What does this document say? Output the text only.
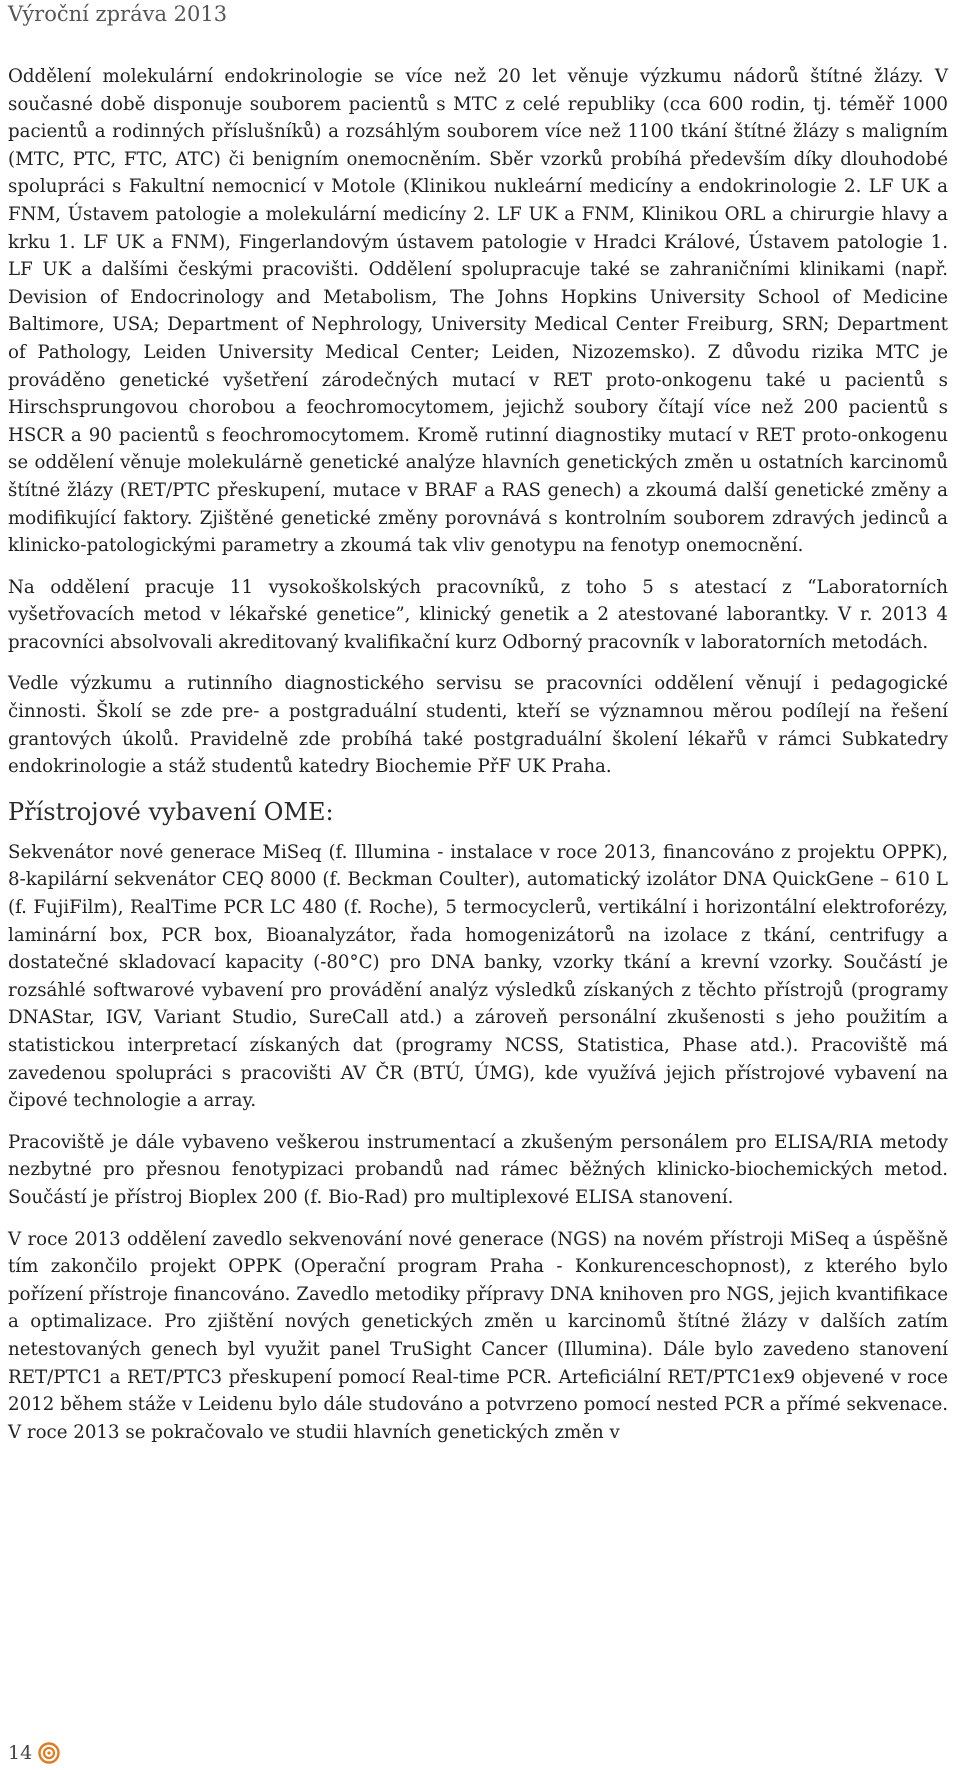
Výroční zpráva 2013

Oddělení molekulární endokrinologie se více než 20 let věnuje výzkumu nádorů štítné žlázy. V současné době disponuje souborem pacientů s MTC z celé republiky (cca 600 rodin, tj. téměř 1000 pacientů a rodinných příslušníků) a rozsáhlým souborem více než 1100 tkání štítné žlázy s maligním (MTC, PTC, FTC, ATC) či benigním onemocněním. Sběr vzorků probíhá především díky dlouhodobé spolupráci s Fakultní nemocnicí v Motole (Klinikou nukleární medicíny a endokrinologie 2. LF UK a FNM, Ústavem patologie a molekulární medicíny 2. LF UK a FNM, Klinikou ORL a chirurgie hlavy a krku 1. LF UK a FNM), Fingerlandovým ústavem patologie v Hradci Králové, Ústavem patologie 1. LF UK a dalšími českými pracovišti. Oddělení spolupracuje také se zahraničními klinikami (např. Devision of Endocrinology and Metabolism, The Johns Hopkins University School of Medicine Baltimore, USA; Department of Nephrology, University Medical Center Freiburg, SRN; Department of Pathology, Leiden University Medical Center; Leiden, Nizozemsko). Z důvodu rizika MTC je prováděno genetické vyšetření zárodečných mutací v RET proto-onkogenu také u pacientů s Hirschsprungovou chorobou a feochromocytomem, jejichž soubory čítají více než 200 pacientů s HSCR a 90 pacientů s feochromocytomem. Kromě rutinní diagnostiky mutací v RET proto-onkogenu se oddělení věnuje molekulárně genetické analýze hlavních genetických změn u ostatních karcinomů štítné žlázy (RET/PTC přeskupení, mutace v BRAF a RAS genech) a zkoumá další genetické změny a modifikující faktory. Zjištěné genetické změny porovnává s kontrolním souborem zdravých jedinců a klinicko-patologickými parametry a zkoumá tak vliv genotypu na fenotyp onemocnění.

Na oddělení pracuje 11 vysokoškolských pracovníků, z toho 5 s atestací z “Laboratorních vyšetřovacích metod v lékařské genetice”, klinický genetik a 2 atestované laborantky. V r. 2013 4 pracovníci absolvovali akreditovaný kvalifikační kurz Odborný pracovník v laboratorních metodách.

Vedle výzkumu a rutinního diagnostického servisu se pracovníci oddělení věnují i pedagogické činnosti. Školí se zde pre- a postgraduální studenti, kteří se významnou měrou podílejí na řešení grantových úkolů. Pravidelně zde probíhá také postgraduální školení lékařů v rámci Subkatedry endokrinologie a stáž studentů katedry Biochemie PřF UK Praha.

Přístrojové vybavení OME:

Sekvenátor nové generace MiSeq (f. Illumina - instalace v roce 2013, financováno z projektu OPPK), 8-kapilární sekvenátor CEQ 8000 (f. Beckman Coulter), automatický izolátor DNA QuickGene – 610 L (f. FujiFilm), RealTime PCR LC 480 (f. Roche), 5 termocyclerů, vertikální i horizontální elektroforézy, laminární box, PCR box, Bioanalyzátor, řada homogenizátorů na izolace z tkání, centrifugy a dostatečné skladovací kapacity (-80°C) pro DNA banky, vzorky tkání a krevní vzorky. Součástí je rozsáhlé softwarové vybavení pro provádění analýz výsledků získaných z těchto přístrojů (programy DNAStar, IGV, Variant Studio, SureCall atd.) a zároveň personální zkušenosti s jeho použitím a statistickou interpretací získaných dat (programy NCSS, Statistica, Phase atd.). Pracoviště má zavedenou spolupráci s pracovišti AV ČR (BTÚ, ÚMG), kde využívá jejich přístrojové vybavení na čipové technologie a array.

Pracoviště je dále vybaveno veškerou instrumentací a zkušeným personálem pro ELISA/RIA metody nezbytné pro přesnou fenotypizaci probandů nad rámec běžných klinicko-biochemických metod. Součástí je přístroj Bioplex 200 (f. Bio-Rad) pro multiplexové ELISA stanovení.

V roce 2013 oddělení zavedlo sekvenování nové generace (NGS) na novém přístroji MiSeq a úspěšně tím zakončilo projekt OPPK (Operační program Praha - Konkurenceschopnost), z kterého bylo pořízení přístroje financováno. Zavedlo metodiky přípravy DNA knihoven pro NGS, jejich kvantifikace a optimalizace. Pro zjištění nových genetických změn u karcinomů štítné žlázy v dalších zatím netestovaných genech byl využit panel TruSight Cancer (Illumina). Dále bylo zavedeno stanovení RET/PTC1 a RET/PTC3 přeskupení pomocí Real-time PCR. Arteficiální RET/PTC1ex9 objevené v roce 2012 během stáže v Leidenu bylo dále studováno a potvrzeno pomocí nested PCR a přímé sekvenace. V roce 2013 se pokračovalo ve studii hlavních genetických změn v

14
